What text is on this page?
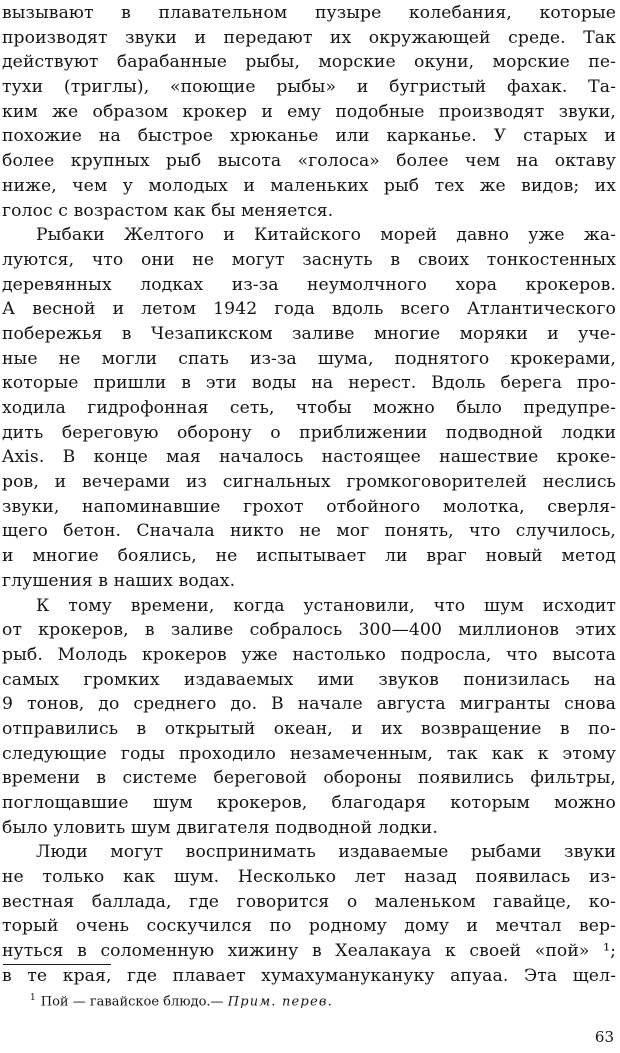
вызывают в плавательном пузыре колебания, которые
производят звуки и передают их окружающей среде. Так
действуют барабанные рыбы, морские окуни, морские пе-
тухи (триглы), «поющие рыбы» и бугристый фахак. Та-
ким же образом крокер и ему подобные производят звуки,
похожие на быстрое хрюканье или карканье. У старых и
более крупных рыб высота «голоса» более чем на октаву
ниже, чем у молодых и маленьких рыб тех же видов; их
голос с возрастом как бы меняется.
Рыбаки Желтого и Китайского морей давно уже жа-
луются, что они не могут заснуть в своих тонкостенных
деревянных лодках из-за неумолчного хора крокеров.
А весной и летом 1942 года вдоль всего Атлантического
побережья в Чезапикском заливе многие моряки и уче-
ные не могли спать из-за шума, поднятого крокерами,
которые пришли в эти воды на нерест. Вдоль берега про-
ходила гидрофонная сеть, чтобы можно было предупре-
дить береговую оборону о приближении подводной лодки
Axis. В конце мая началось настоящее нашествие кроке-
ров, и вечерами из сигнальных громкоговорителей неслись
звуки, напоминавшие грохот отбойного молотка, сверля-
щего бетон. Сначала никто не мог понять, что случилось,
и многие боялись, не испытывает ли враг новый метод
глушения в наших водах.
К тому времени, когда установили, что шум исходит
от крокеров, в заливе собралось 300—400 миллионов этих
рыб. Молодь крокеров уже настолько подросла, что высота
самых громких издаваемых ими звуков понизилась на
9 тонов, до среднего до. В начале августа мигранты снова
отправились в открытый океан, и их возвращение в по-
следующие годы проходило незамеченным, так как к этому
времени в системе береговой обороны появились фильтры,
поглощавшие шум крокеров, благодаря которым можно
было уловить шум двигателя подводной лодки.
Люди могут воспринимать издаваемые рыбами звуки
не только как шум. Несколько лет назад появилась из-
вестная баллада, где говорится о маленьком гавайце, ко-
торый очень соскучился по родному дому и мечтал вер-
нуться в соломенную хижину в Хеалакауа к своей «пой» ¹;
в те края, где плавает хумахуманукануку апуаа. Эта щел-
$^1$ Пой — гавайское блюдо.— Прим. перев.
63
